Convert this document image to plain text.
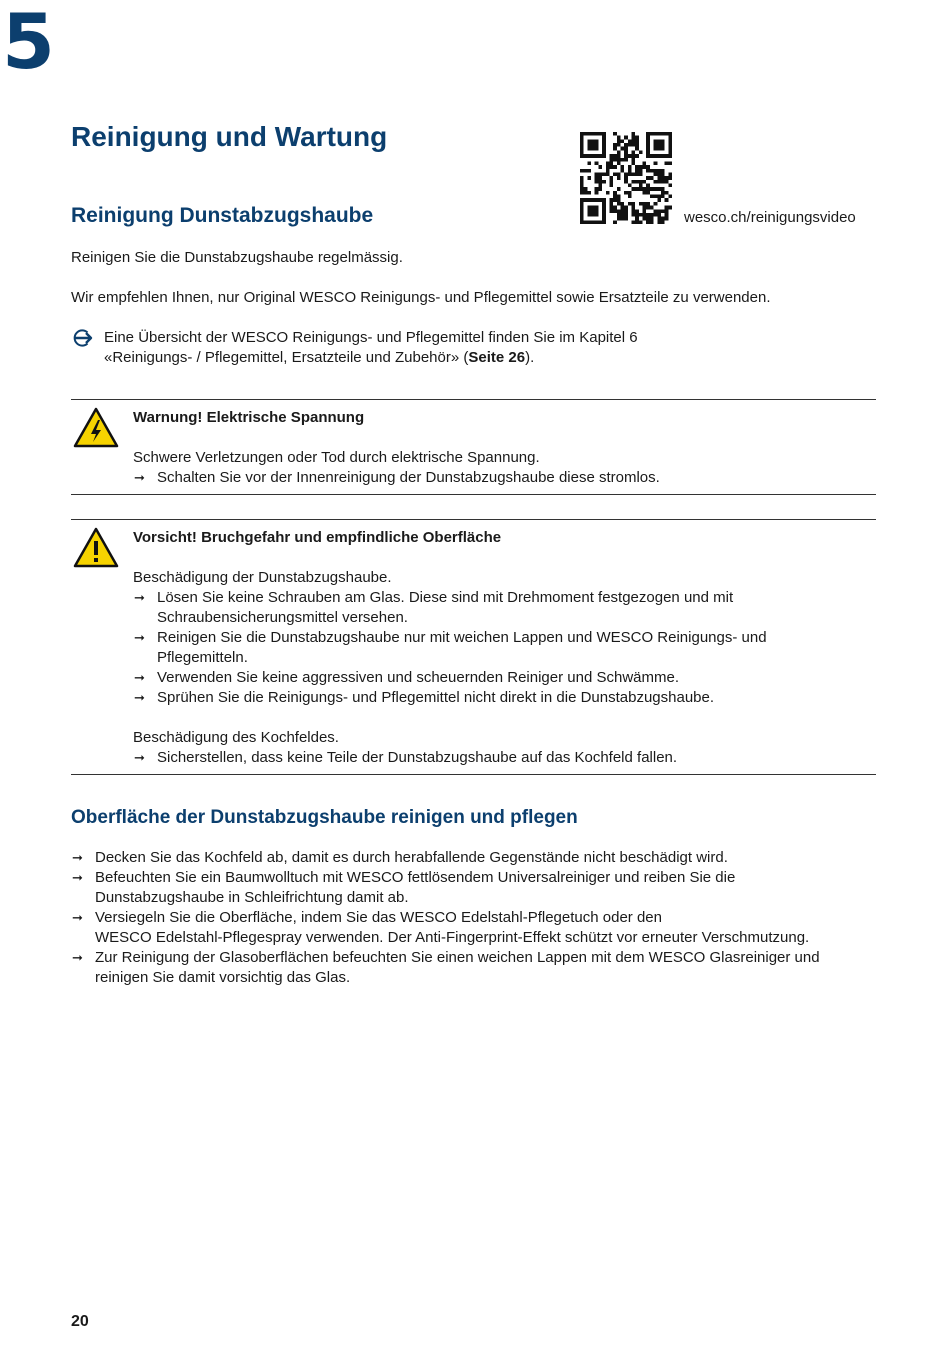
5
Reinigung und Wartung
wesco.ch/reinigungsvideo
Reinigung Dunstabzugshaube

Reinigen Sie die Dunstabzugshaube regelmässig.

Wir empfehlen Ihnen, nur Original WESCO Reinigungs- und Pflegemittel sowie Ersatzteile zu verwenden.

Eine Übersicht der WESCO Reinigungs- und Pflegemittel finden Sie im Kapitel 6
«Reinigungs- / Pflegemittel, Ersatzteile und Zubehör» (Seite 26).
Warnung! Elektrische Spannung
Schwere Verletzungen oder Tod durch elektrische Spannung.
➞ Schalten Sie vor der Innenreinigung der Dunstabzugshaube diese stromlos.
Vorsicht! Bruchgefahr und empfindliche Oberfläche
Beschädigung der Dunstabzugshaube.
➞ Lösen Sie keine Schrauben am Glas. Diese sind mit Drehmoment festgezogen und mit
Schraubensicherungsmittel versehen.
➞ Reinigen Sie die Dunstabzugshaube nur mit weichen Lappen und WESCO Reinigungs- und
Pflegemitteln.
➞ Verwenden Sie keine aggressiven und scheuernden Reiniger und Schwämme.
➞ Sprühen Sie die Reinigungs- und Pflegemittel nicht direkt in die Dunstabzugshaube.
Beschädigung des Kochfeldes.
➞ Sicherstellen, dass keine Teile der Dunstabzugshaube auf das Kochfeld fallen.
Oberfläche der Dunstabzugshaube reinigen und pflegen
➞ Decken Sie das Kochfeld ab, damit es durch herabfallende Gegenstände nicht beschädigt wird.
➞ Befeuchten Sie ein Baumwolltuch mit WESCO fettlösendem Universalreiniger und reiben Sie die
Dunstabzugshaube in Schleifrichtung damit ab.
➞ Versiegeln Sie die Oberfläche, indem Sie das WESCO Edelstahl-Pflegetuch oder den
WESCO Edelstahl-Pflegespray verwenden. Der Anti-Fingerprint-Effekt schützt vor erneuter Verschmutzung.
➞ Zur Reinigung der Glasoberflächen befeuchten Sie einen weichen Lappen mit dem WESCO Glasreiniger und
reinigen Sie damit vorsichtig das Glas.
20
